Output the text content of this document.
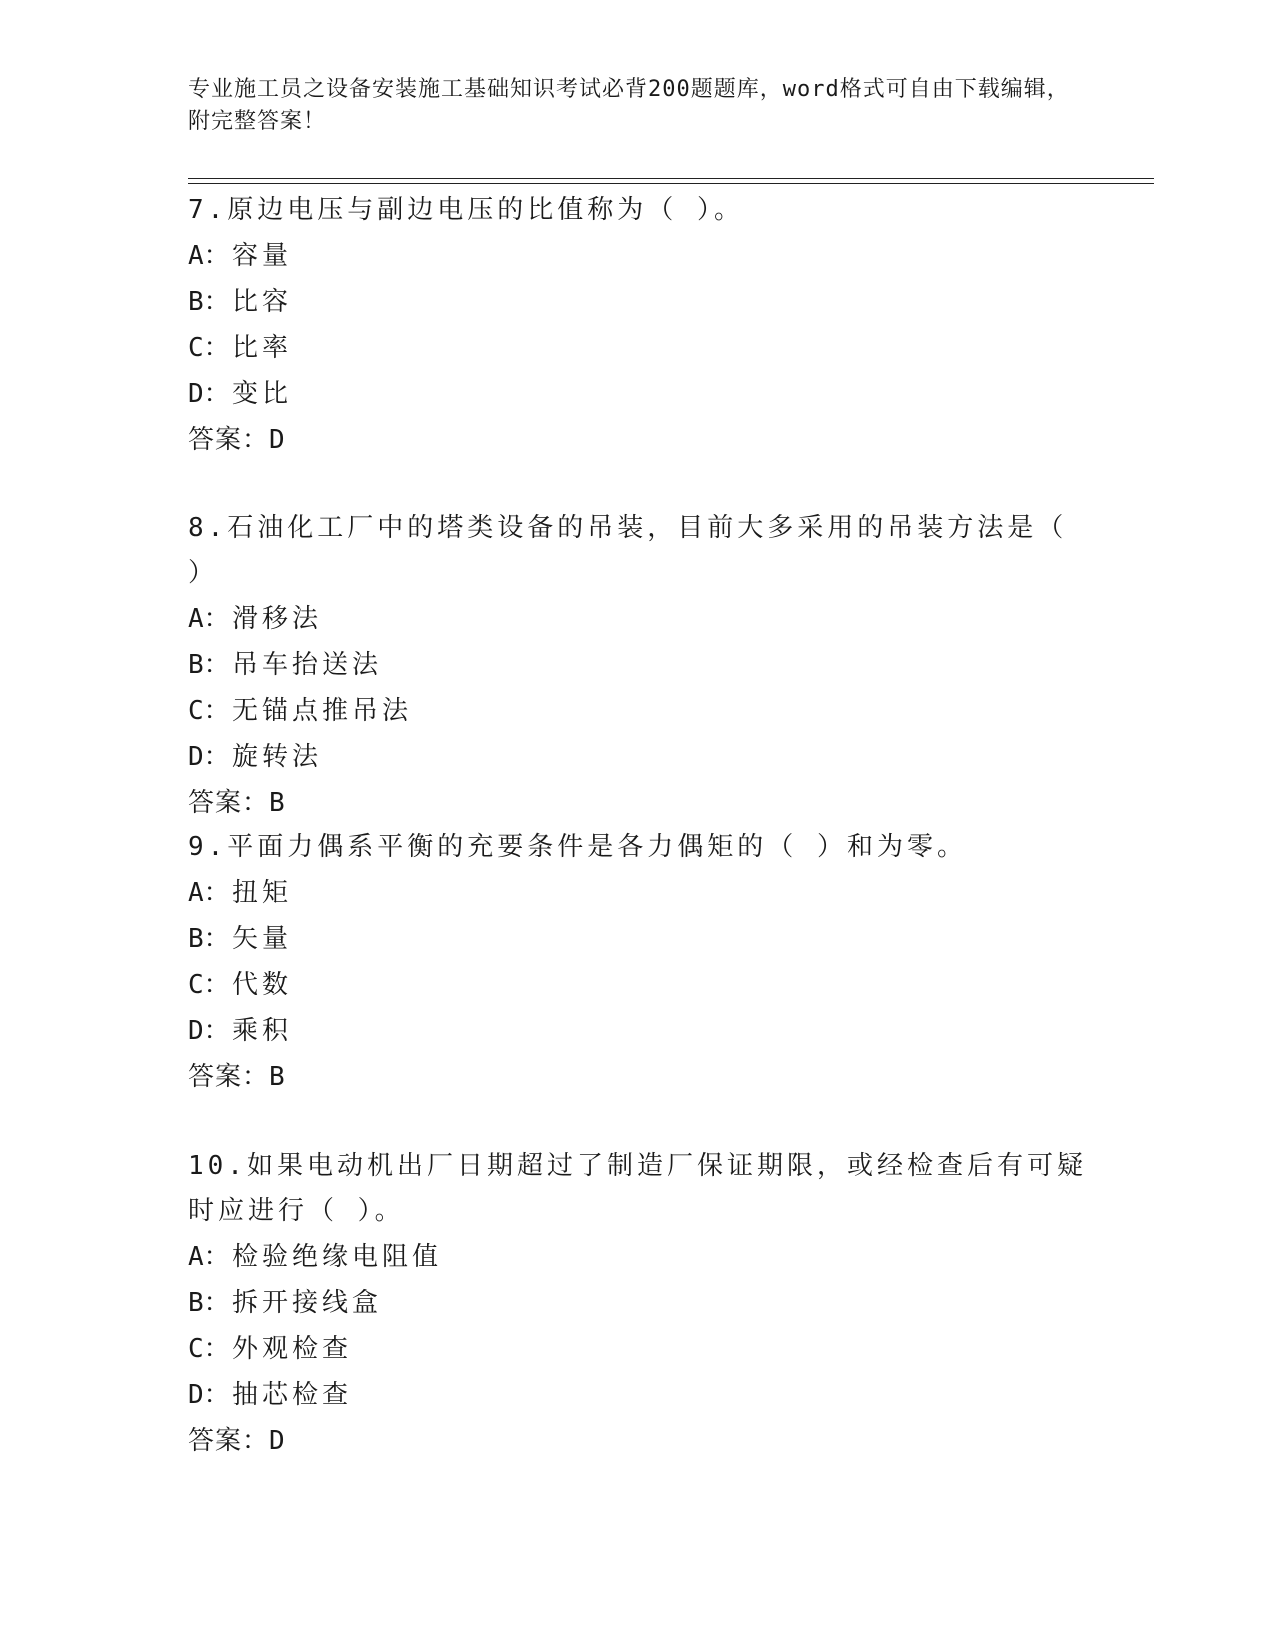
专业施工员之设备安装施工基础知识考试必背200题题库，word格式可自由下载编辑，附完整答案！
7.原边电压与副边电压的比值称为（ ）。
A：容量
B：比容
C：比率
D：变比
答案：D
8.石油化工厂中的塔类设备的吊装，目前大多采用的吊装方法是（ ）
A：滑移法
B：吊车抬送法
C：无锚点推吊法
D：旋转法
答案：B
9.平面力偶系平衡的充要条件是各力偶矩的（ ）和为零。
A：扭矩
B：矢量
C：代数
D：乘积
答案：B
10.如果电动机出厂日期超过了制造厂保证期限，或经检查后有可疑时应进行（ ）。
A：检验绝缘电阻值
B：拆开接线盒
C：外观检查
D：抽芯检查
答案：D
